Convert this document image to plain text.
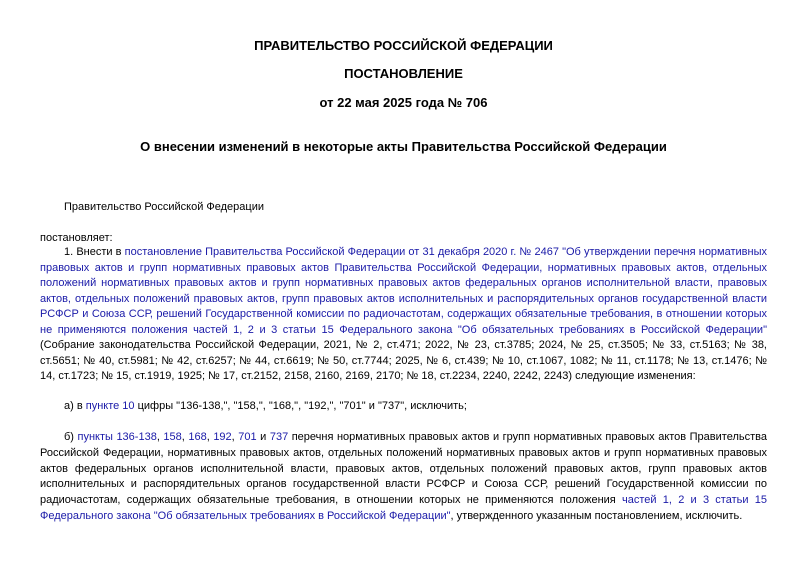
ПРАВИТЕЛЬСТВО РОССИЙСКОЙ ФЕДЕРАЦИИ
ПОСТАНОВЛЕНИЕ
от 22 мая 2025 года № 706
О внесении изменений в некоторые акты Правительства Российской Федерации
Правительство Российской Федерации
постановляет:
1. Внести в постановление Правительства Российской Федерации от 31 декабря 2020 г. № 2467 "Об утверждении перечня нормативных правовых актов и групп нормативных правовых актов Правительства Российской Федерации, нормативных правовых актов, отдельных положений нормативных правовых актов и групп нормативных правовых актов федеральных органов исполнительной власти, правовых актов, отдельных положений правовых актов, групп правовых актов исполнительных и распорядительных органов государственной власти РСФСР и Союза ССР, решений Государственной комиссии по радиочастотам, содержащих обязательные требования, в отношении которых не применяются положения частей 1, 2 и 3 статьи 15 Федерального закона "Об обязательных требованиях в Российской Федерации" (Собрание законодательства Российской Федерации, 2021, № 2, ст.471; 2022, № 23, ст.3785; 2024, № 25, ст.3505; № 33, ст.5163; № 38, ст.5651; № 40, ст.5981; № 42, ст.6257; № 44, ст.6619; № 50, ст.7744; 2025, № 6, ст.439; № 10, ст.1067, 1082; № 11, ст.1178; № 13, ст.1476; № 14, ст.1723; № 15, ст.1919, 1925; № 17, ст.2152, 2158, 2160, 2169, 2170; № 18, ст.2234, 2240, 2242, 2243) следующие изменения:
а) в пункте 10 цифры "136-138,", "158,", "168,", "192,", "701" и "737", исключить;
б) пункты 136-138, 158, 168, 192, 701 и 737 перечня нормативных правовых актов и групп нормативных правовых актов Правительства Российской Федерации, нормативных правовых актов, отдельных положений нормативных правовых актов и групп нормативных правовых актов федеральных органов исполнительной власти, правовых актов, отдельных положений правовых актов, групп правовых актов исполнительных и распорядительных органов государственной власти РСФСР и Союза ССР, решений Государственной комиссии по радиочастотам, содержащих обязательные требования, в отношении которых не применяются положения частей 1, 2 и 3 статьи 15 Федерального закона "Об обязательных требованиях в Российской Федерации", утвержденного указанным постановлением, исключить.
